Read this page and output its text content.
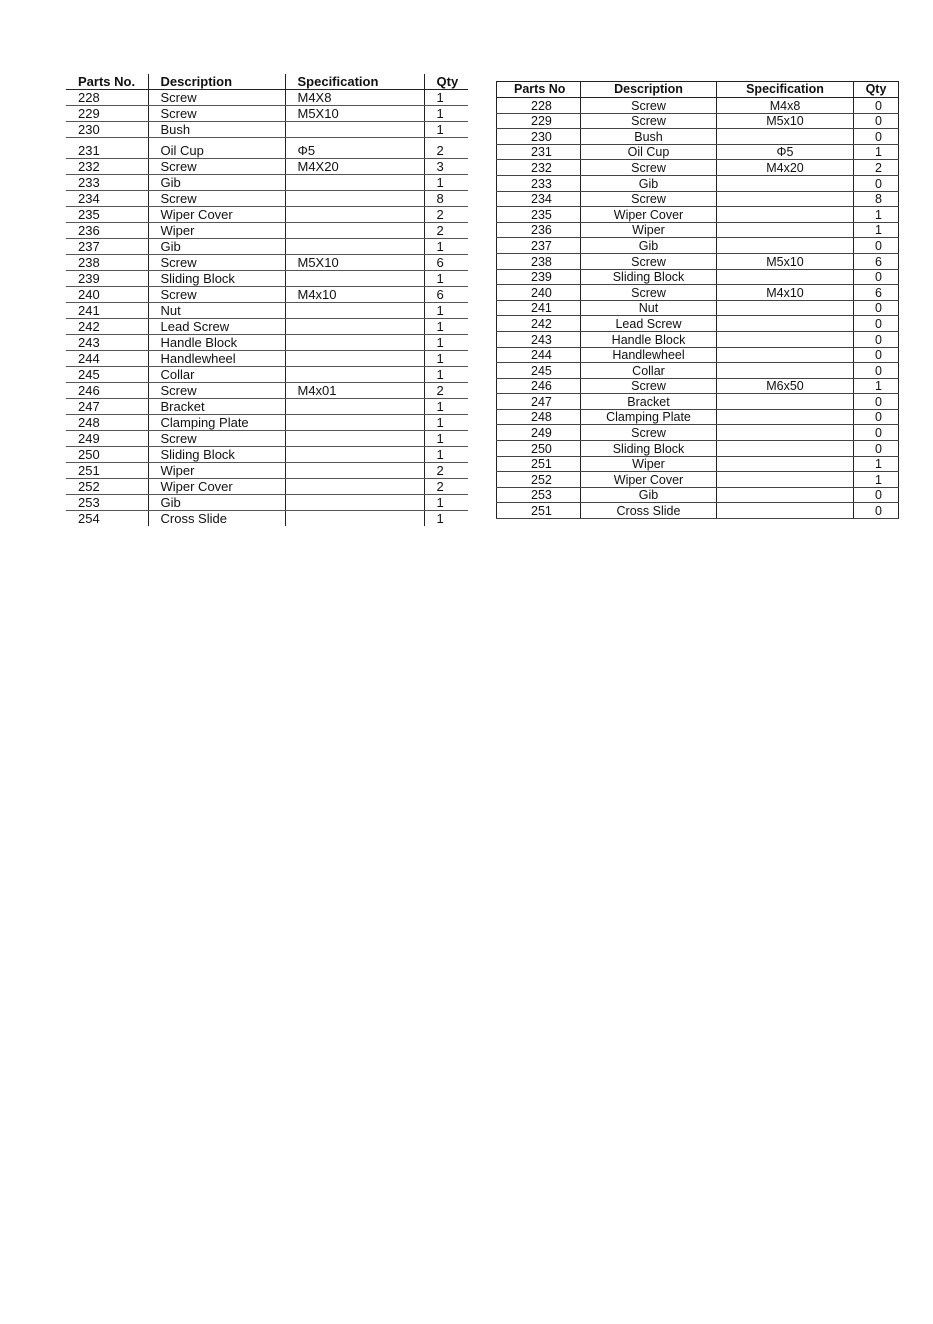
Parts No.	Description	Specification	Qty
228	Screw	M4X8	1
229	Screw	M5X10	1
230	Bush		1
231	Oil Cup	Φ5	2
232	Screw	M4X20	3
233	Gib		1
234	Screw		8
235	Wiper Cover		2
236	Wiper		2
237	Gib		1
238	Screw	M5X10	6
239	Sliding Block		1
240	Screw	M4x10	6
241	Nut		1
242	Lead Screw		1
243	Handle Block		1
244	Handlewheel		1
245	Collar		1
246	Screw	M4x01	2
247	Bracket		1
248	Clamping Plate		1
249	Screw		1
250	Sliding Block		1
251	Wiper		2
252	Wiper Cover		2
253	Gib		1
254	Cross Slide		1
Parts No	Description	Specification	Qty
228	Screw	M4x8	0
229	Screw	M5x10	0
230	Bush		0
231	Oil Cup	Φ5	1
232	Screw	M4x20	2
233	Gib		0
234	Screw		8
235	Wiper Cover		1
236	Wiper		1
237	Gib		0
238	Screw	M5x10	6
239	Sliding Block		0
240	Screw	M4x10	6
241	Nut		0
242	Lead Screw		0
243	Handle Block		0
244	Handlewheel		0
245	Collar		0
246	Screw	M6x50	1
247	Bracket		0
248	Clamping Plate		0
249	Screw		0
250	Sliding Block		0
251	Wiper		1
252	Wiper Cover		1
253	Gib		0
251	Cross Slide		0
